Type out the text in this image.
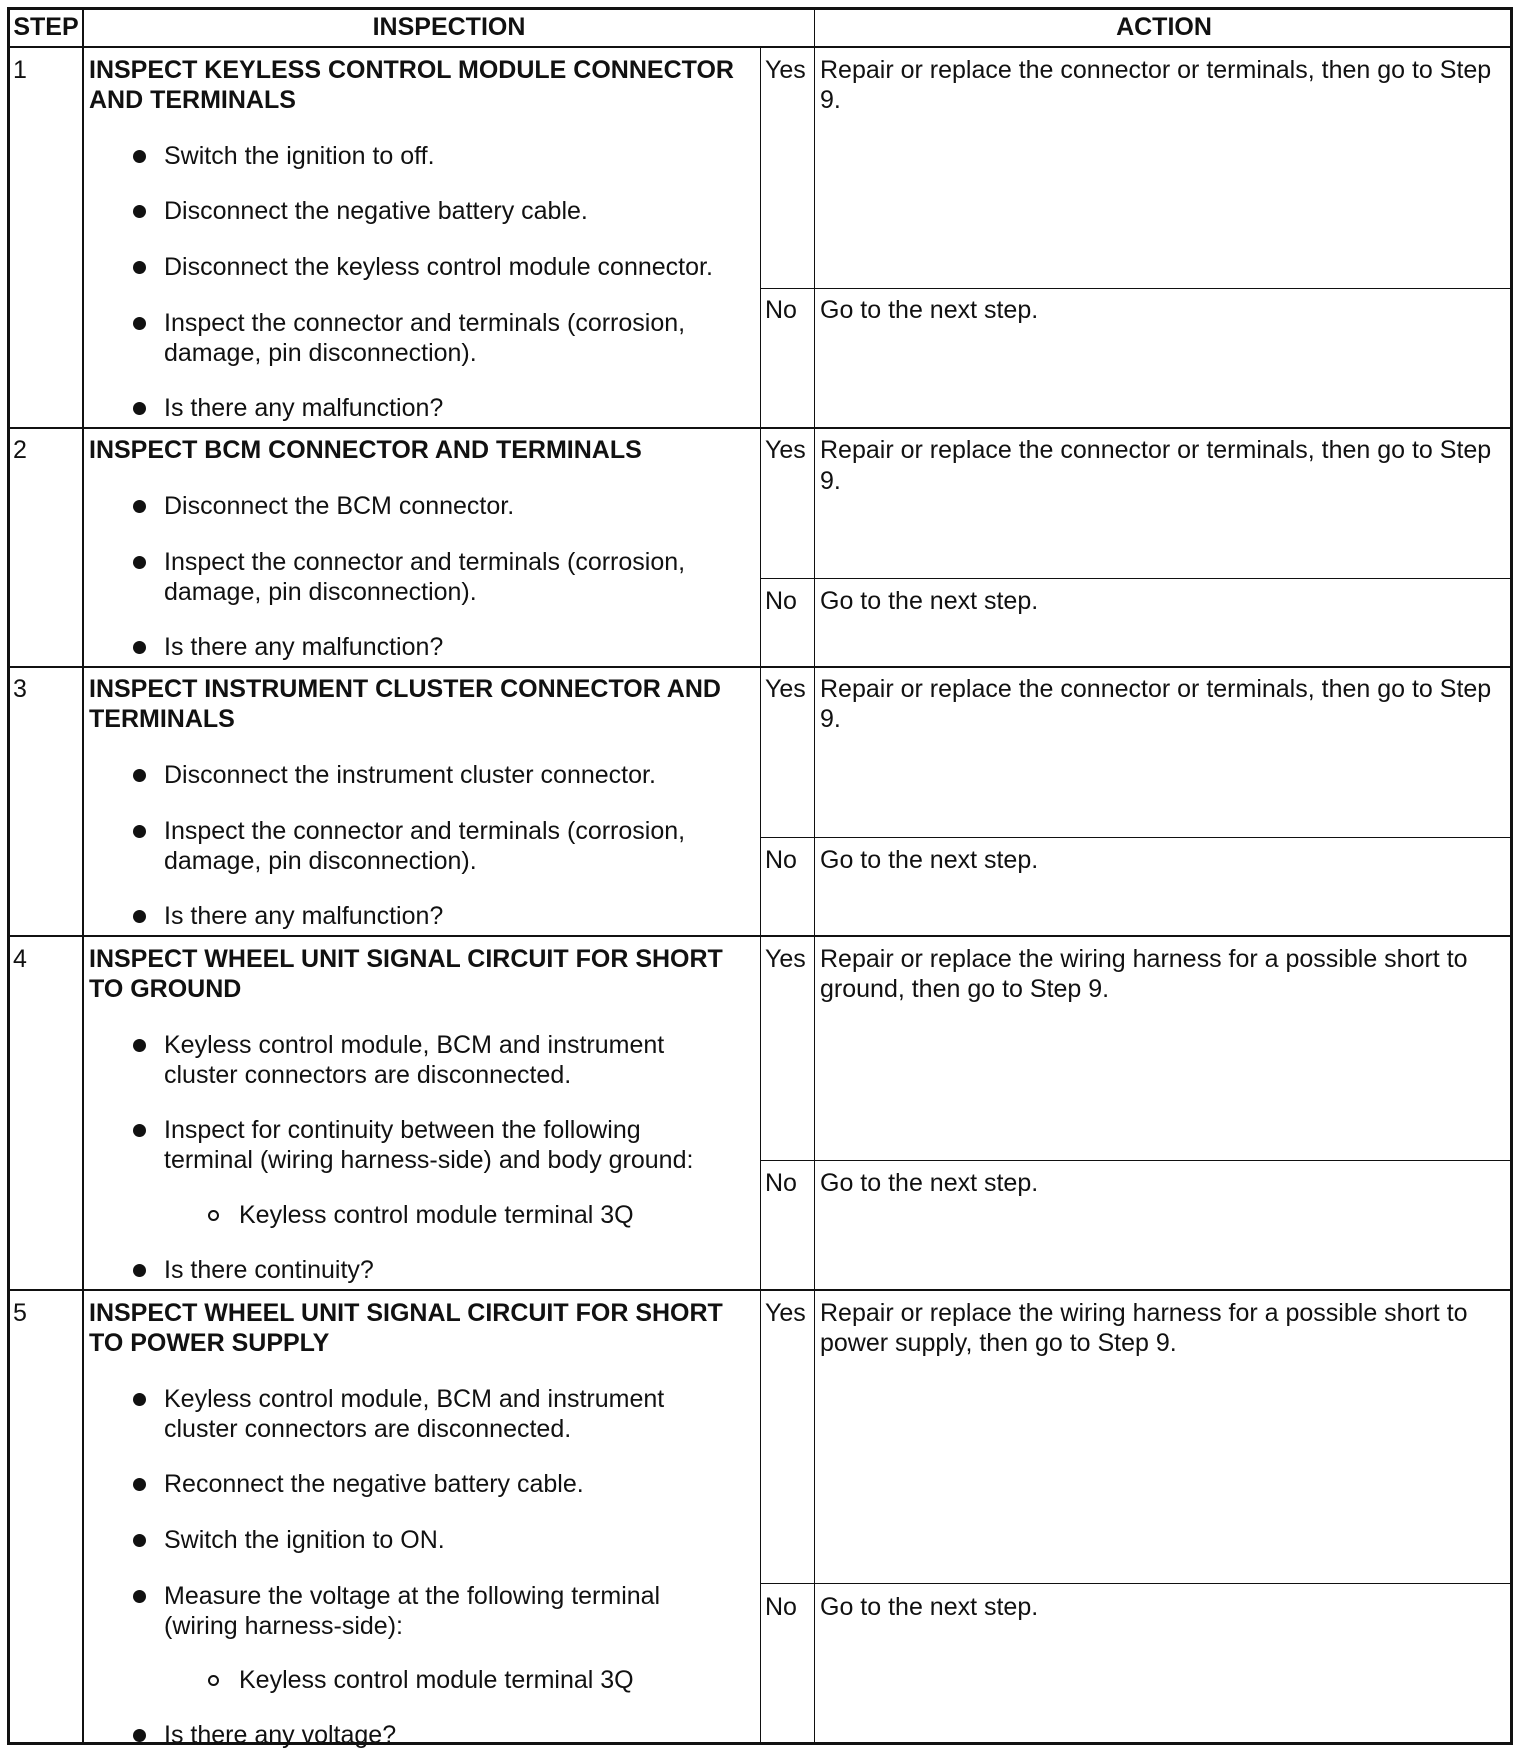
STEP	INSPECTION	ACTION
1 INSPECT KEYLESS CONTROL MODULE CONNECTOR
AND TERMINALS
Switch the ignition to off.
Disconnect the negative battery cable.
Disconnect the keyless control module connector.
Inspect the connector and terminals (corrosion,
damage, pin disconnection).
Is there any malfunction?
Yes Repair or replace the connector or terminals, then go to Step
9.
No Go to the next step.
2 INSPECT BCM CONNECTOR AND TERMINALS
Disconnect the BCM connector.
Inspect the connector and terminals (corrosion,
damage, pin disconnection).
Is there any malfunction?
Yes Repair or replace the connector or terminals, then go to Step
9.
No Go to the next step.
3 INSPECT INSTRUMENT CLUSTER CONNECTOR AND
TERMINALS
Disconnect the instrument cluster connector.
Inspect the connector and terminals (corrosion,
damage, pin disconnection).
Is there any malfunction?
Yes Repair or replace the connector or terminals, then go to Step
9.
No Go to the next step.
4 INSPECT WHEEL UNIT SIGNAL CIRCUIT FOR SHORT
TO GROUND
Keyless control module, BCM and instrument
cluster connectors are disconnected.
Inspect for continuity between the following
terminal (wiring harness-side) and body ground:
Keyless control module terminal 3Q
Is there continuity?
Yes Repair or replace the wiring harness for a possible short to
ground, then go to Step 9.
No Go to the next step.
5 INSPECT WHEEL UNIT SIGNAL CIRCUIT FOR SHORT
TO POWER SUPPLY
Keyless control module, BCM and instrument
cluster connectors are disconnected.
Reconnect the negative battery cable.
Switch the ignition to ON.
Measure the voltage at the following terminal
(wiring harness-side):
Keyless control module terminal 3Q
Is there any voltage?
Yes Repair or replace the wiring harness for a possible short to
power supply, then go to Step 9.
No Go to the next step.
